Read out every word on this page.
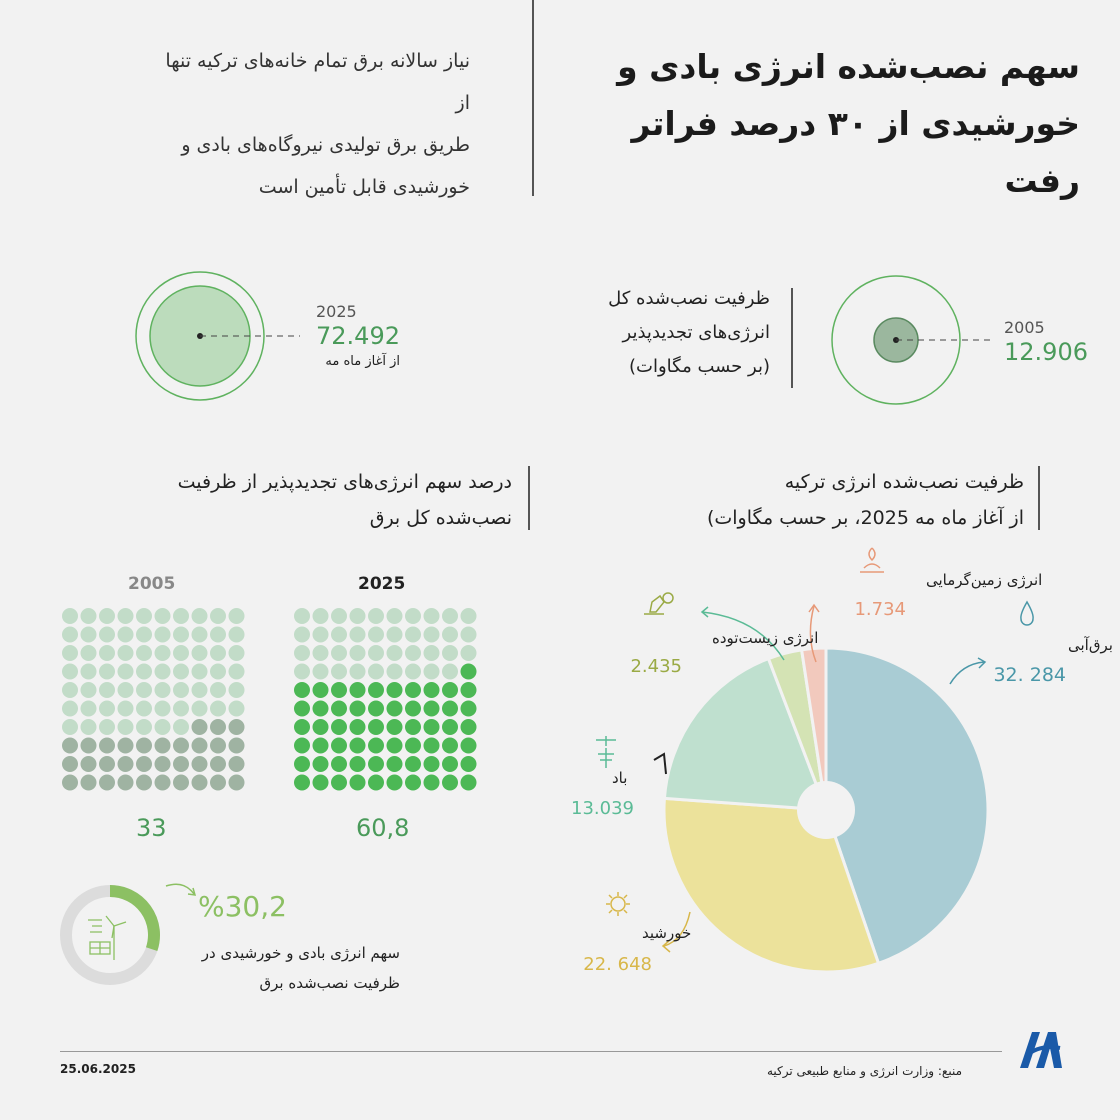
سهم نصب‌شده انرژی بادی و
خورشیدی از ۳۰ درصد فراتر رفت
نیاز سالانه برق تمام خانه‌های ترکیه تنها از
طریق برق تولیدی نیروگاه‌های بادی و
خورشیدی قابل تأمین است
2025
72.492
از آغاز ماه مه
2005
12.906
ظرفیت نصب‌شده کل
انرژی‌های تجدیدپذیر
(بر حسب مگاوات)
درصد سهم انرژی‌های تجدیدپذیر از ظرفیت
نصب‌شده کل برق
ظرفیت نصب‌شده انرژی ترکیه
از آغاز ماه مه 2025، بر حسب مگاوات)
2005	2025
33	60,8
%30,2
سهم انرژی بادی و خورشیدی در
ظرفیت نصب‌شده برق
برق‌آبی
32. 284
انرژی زمین‌گرمایی
1.734
انرژی زیست‌توده
2.435
باد
13.039
خورشید
22. 648
منبع: وزارت انرژی و منابع طبیعی ترکیه
25.06.2025
